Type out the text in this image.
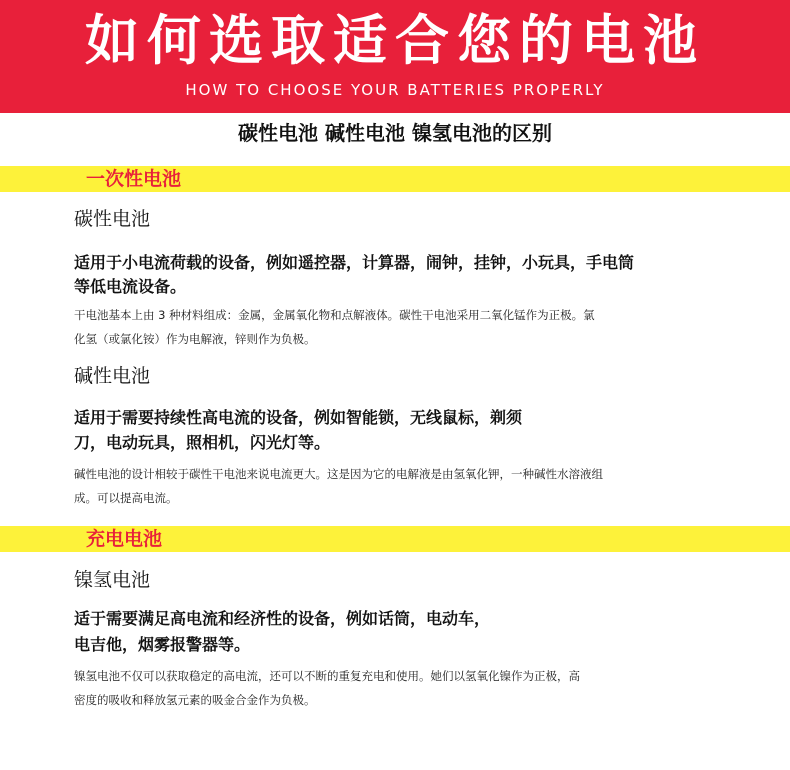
如何选取适合您的电池
HOW TO CHOOSE YOUR BATTERIES PROPERLY
碳性电池 碱性电池 镍氢电池的区别
一次性电池
碳性电池
适用于小电流荷载的设备，例如遥控器，计算器，闹钟，挂钟，小玩具，手电筒
等低电流设备。
干电池基本上由 3 种材料组成：金属，金属氧化物和点解液体。碳性干电池采用二氧化锰作为正极。氯
化氢（或氯化铵）作为电解液，锌则作为负极。
碱性电池
适用于需要持续性高电流的设备，例如智能锁，无线鼠标，剃须
刀，电动玩具，照相机，闪光灯等。
碱性电池的设计相较于碳性干电池来说电流更大。这是因为它的电解液是由氢氧化钾，一种碱性水溶液组
成。可以提高电流。
充电电池
镍氢电池
适于需要满足高电流和经济性的设备，例如话筒，电动车，
电吉他，烟雾报警器等。
镍氢电池不仅可以获取稳定的高电流，还可以不断的重复充电和使用。她们以氢氧化镍作为正极，高
密度的吸收和释放氢元素的吸金合金作为负极。
